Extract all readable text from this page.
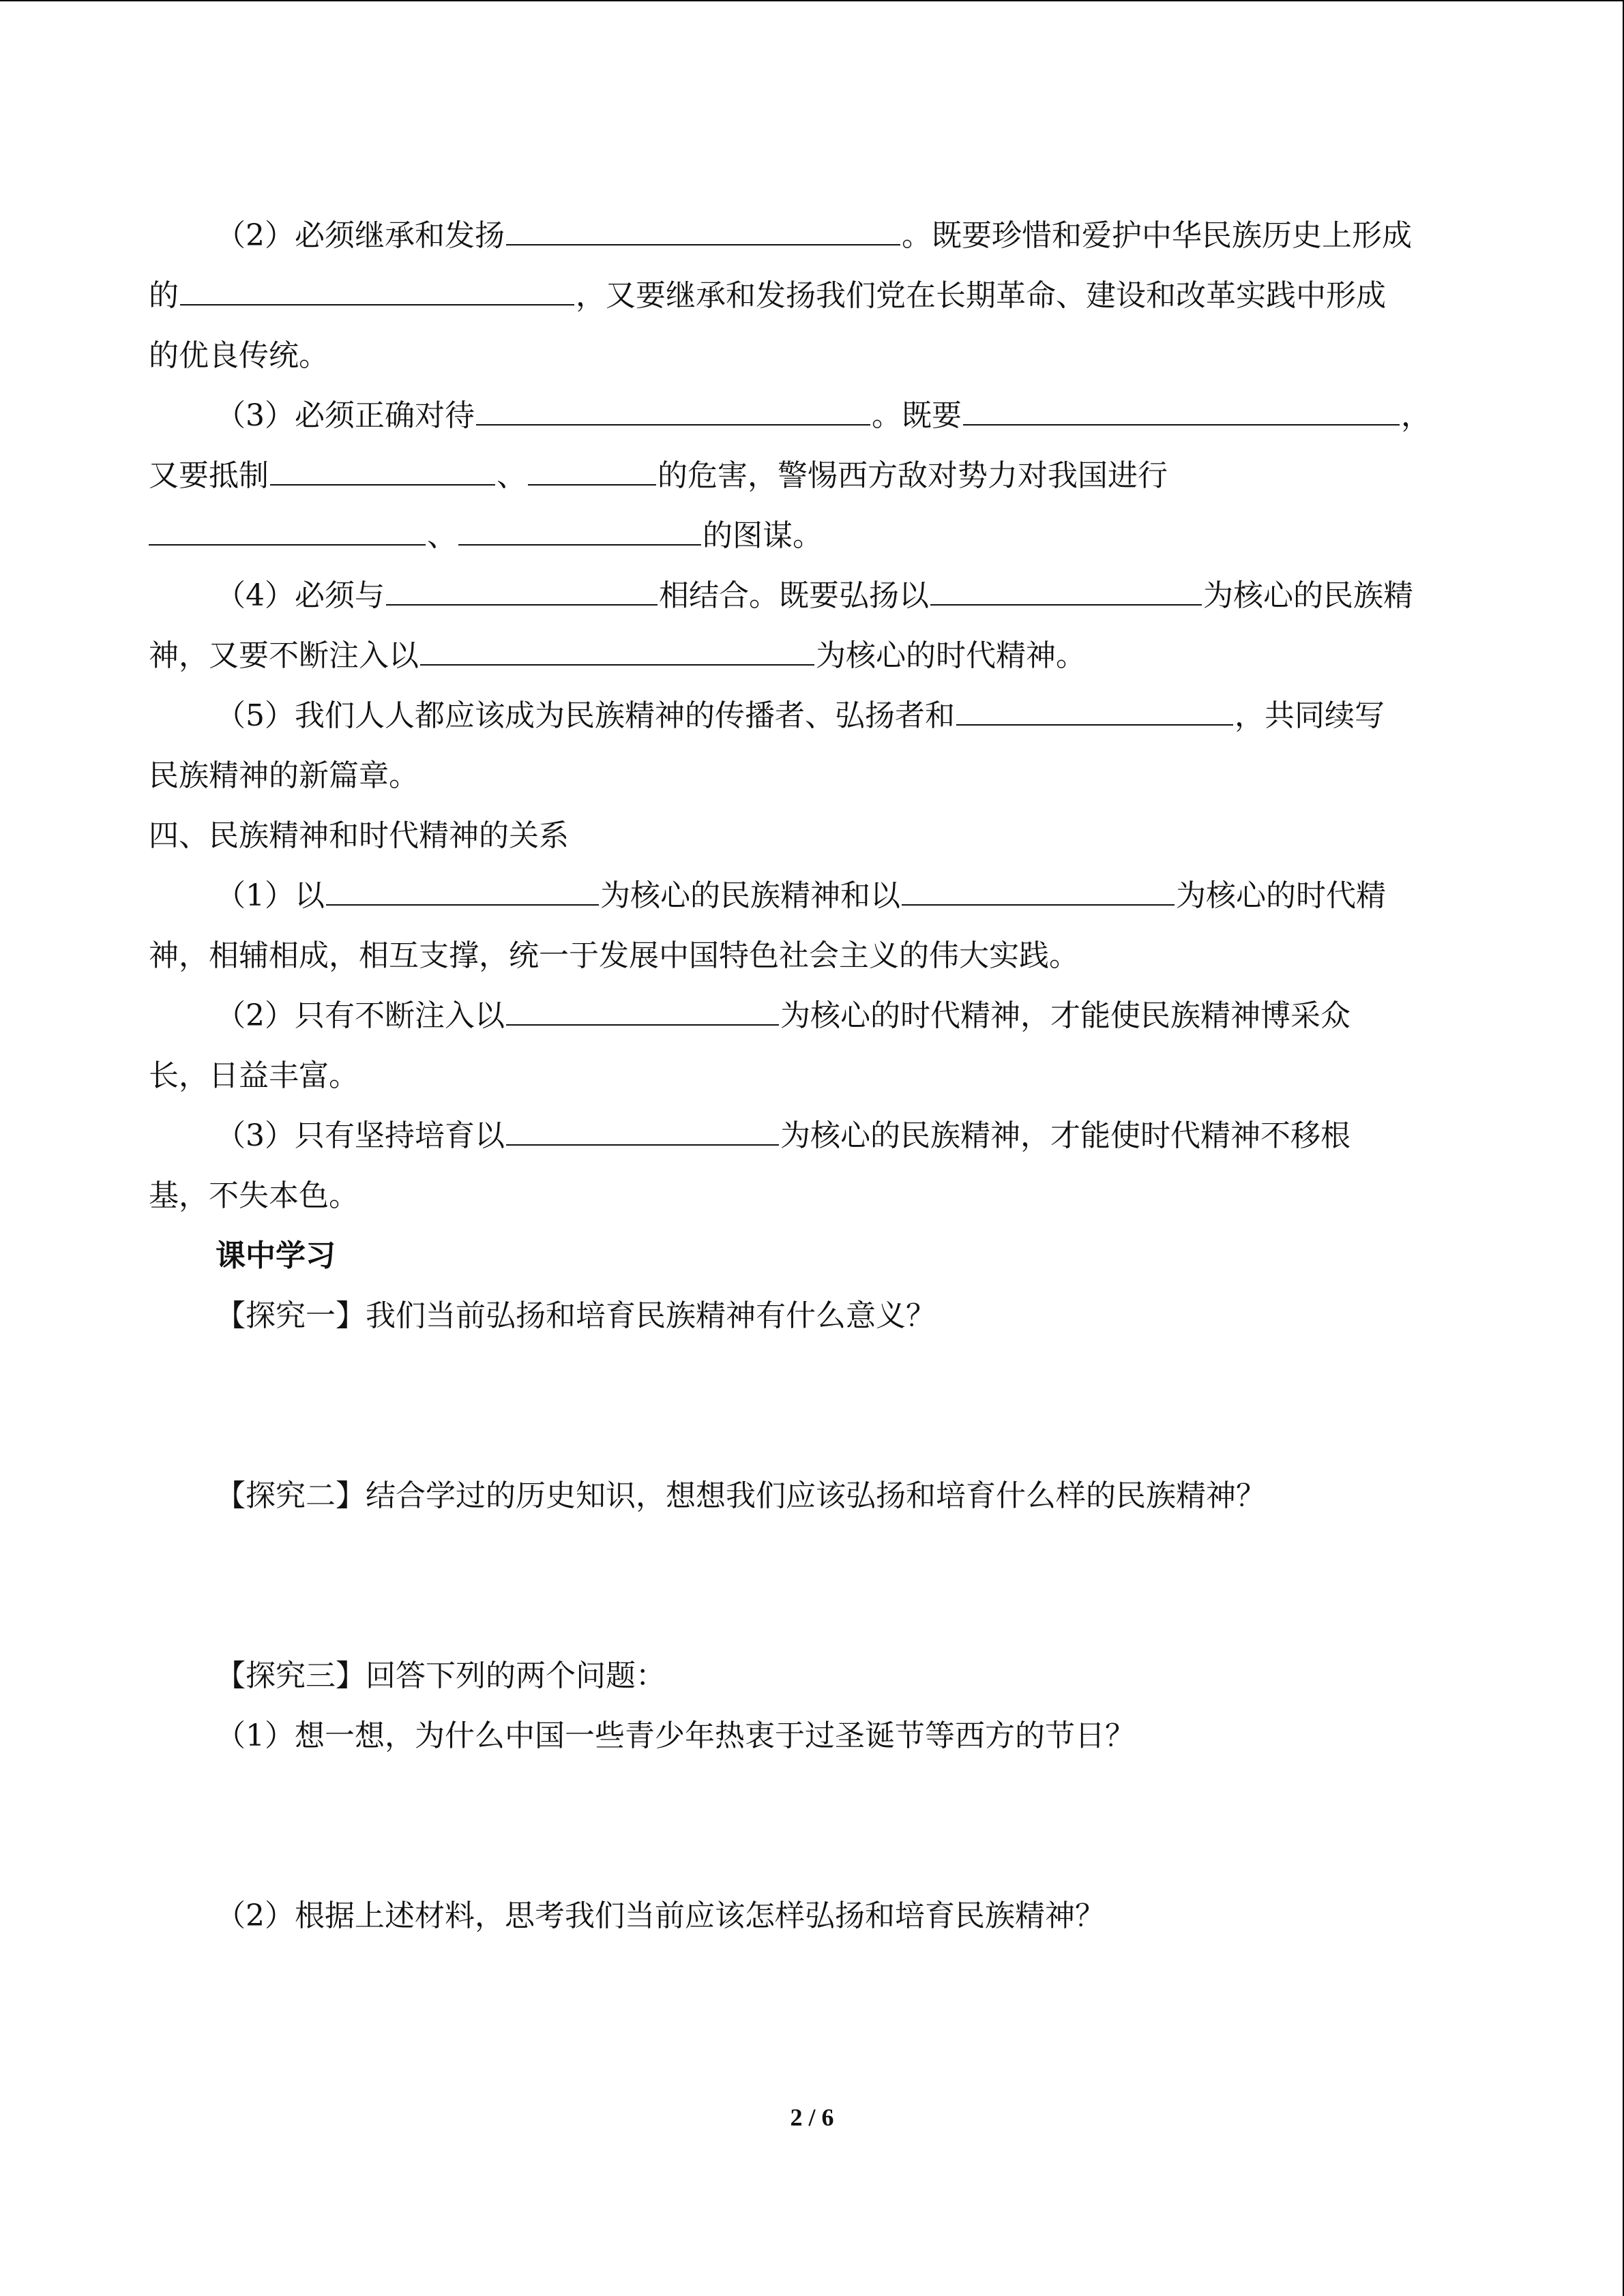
（2）必须继承和发扬	。既要珍惜和爱护中华民族历史上形成

的	，又要继承和发扬我们党在长期革命、建设和改革实践中形成

的优良传统。

（3）必须正确对待	。既要	，

又要抵制	、	的危害，警惕西方敌对势力对我国进行

、	的图谋。

（4）必须与	相结合。既要弘扬以	为核心的民族精

神，又要不断注入以	为核心的时代精神。

（5）我们人人都应该成为民族精神的传播者、弘扬者和	，共同续写

民族精神的新篇章。

四、民族精神和时代精神的关系

（1）以	为核心的民族精神和以	为核心的时代精

神，相辅相成，相互支撑，统一于发展中国特色社会主义的伟大实践。

（2）只有不断注入以	为核心的时代精神，才能使民族精神博采众

长，日益丰富。

（3）只有坚持培育以	为核心的民族精神，才能使时代精神不移根

基，不失本色。

课中学习

【探究一】我们当前弘扬和培育民族精神有什么意义？

【探究二】结合学过的历史知识，想想我们应该弘扬和培育什么样的民族精神？

【探究三】回答下列的两个问题：

（1）想一想，为什么中国一些青少年热衷于过圣诞节等西方的节日？

（2）根据上述材料，思考我们当前应该怎样弘扬和培育民族精神？

2 / 6
